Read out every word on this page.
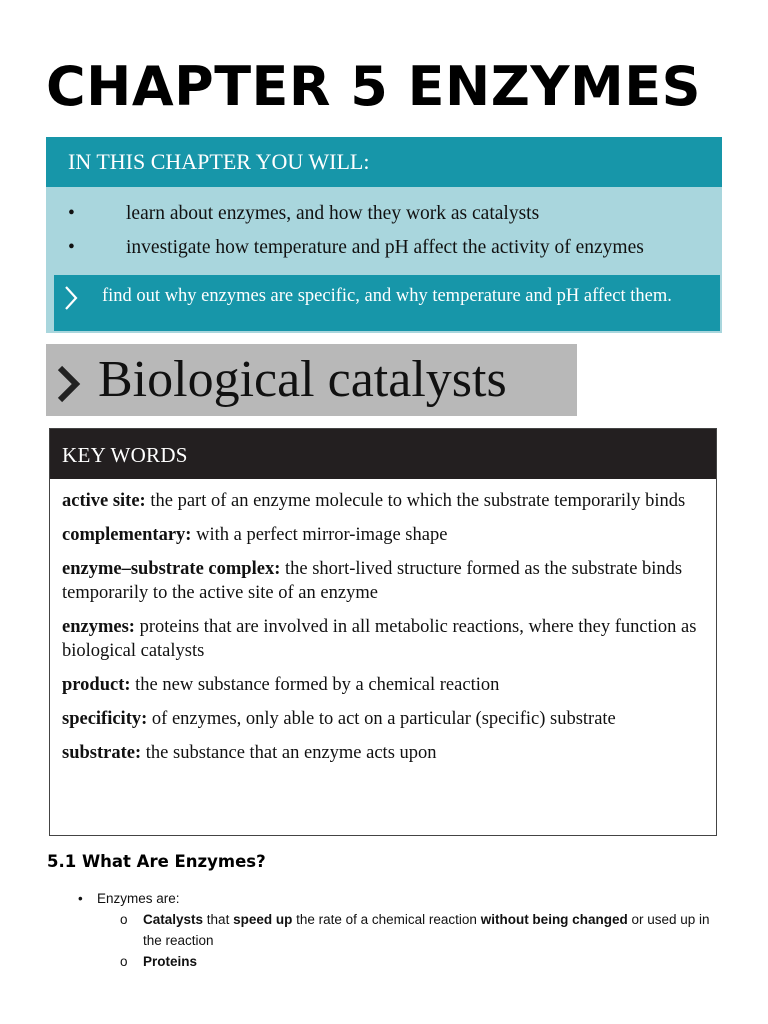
CHAPTER 5 ENZYMES
IN THIS CHAPTER YOU WILL:
•	learn about enzymes, and how they work as catalysts
•	investigate how temperature and pH affect the activity of enzymes
find out why enzymes are specific, and why temperature and pH affect them.
Biological catalysts
KEY WORDS
active site: the part of an enzyme molecule to which the substrate temporarily binds
complementary: with a perfect mirror-image shape
enzyme–substrate complex: the short-lived structure formed as the substrate binds temporarily to the active site of an enzyme
enzymes: proteins that are involved in all metabolic reactions, where they function as biological catalysts
product: the new substance formed by a chemical reaction
specificity: of enzymes, only able to act on a particular (specific) substrate
substrate: the substance that an enzyme acts upon
5.1 What Are Enzymes?
• Enzymes are:
o Catalysts that speed up the rate of a chemical reaction without being changed or used up in the reaction
o Proteins
